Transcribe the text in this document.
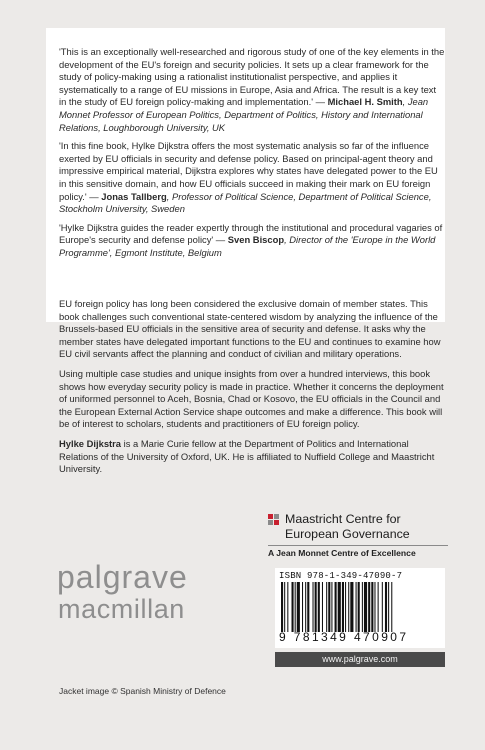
'This is an exceptionally well-researched and rigorous study of one of the key elements in the development of the EU's foreign and security policies. It sets up a clear framework for the study of policy-making using a rationalist institutionalist perspective, and applies it systematically to a range of EU missions in Europe, Asia and Africa. The result is a key text in the study of EU foreign policy-making and implementation.' — Michael H. Smith, Jean Monnet Professor of European Politics, Department of Politics, History and International Relations, Loughborough University, UK

'In this fine book, Hylke Dijkstra offers the most systematic analysis so far of the influence exerted by EU officials in security and defense policy. Based on principal-agent theory and impressive empirical material, Dijkstra explores why states have delegated power to the EU in this sensitive domain, and how EU officials succeed in making their mark on EU foreign policy.' — Jonas Tallberg, Professor of Political Science, Department of Political Science, Stockholm University, Sweden

'Hylke Dijkstra guides the reader expertly through the institutional and procedural vagaries of Europe's security and defense policy' — Sven Biscop, Director of the 'Europe in the World Programme', Egmont Institute, Belgium

EU foreign policy has long been considered the exclusive domain of member states. This book challenges such conventional state-centered wisdom by analyzing the influence of the Brussels-based EU officials in the sensitive area of security and defense. It asks why the member states have delegated important functions to the EU and continues to examine how EU civil servants affect the planning and conduct of civilian and military operations.

Using multiple case studies and unique insights from over a hundred interviews, this book shows how everyday security policy is made in practice. Whether it concerns the deployment of uniformed personnel to Aceh, Bosnia, Chad or Kosovo, the EU officials in the Council and the European External Action Service shape outcomes and make a difference. This book will be of interest to scholars, students and practitioners of EU foreign policy.

Hylke Dijkstra is a Marie Curie fellow at the Department of Politics and International Relations of the University of Oxford, UK. He is affiliated to Nuffield College and Maastricht University.

Maastricht Centre for
European Governance
A Jean Monnet Centre of Excellence
ISBN 978-1-349-47090-7
9 781349 470907
www.palgrave.com
palgrave
macmillan
Jacket image © Spanish Ministry of Defence
